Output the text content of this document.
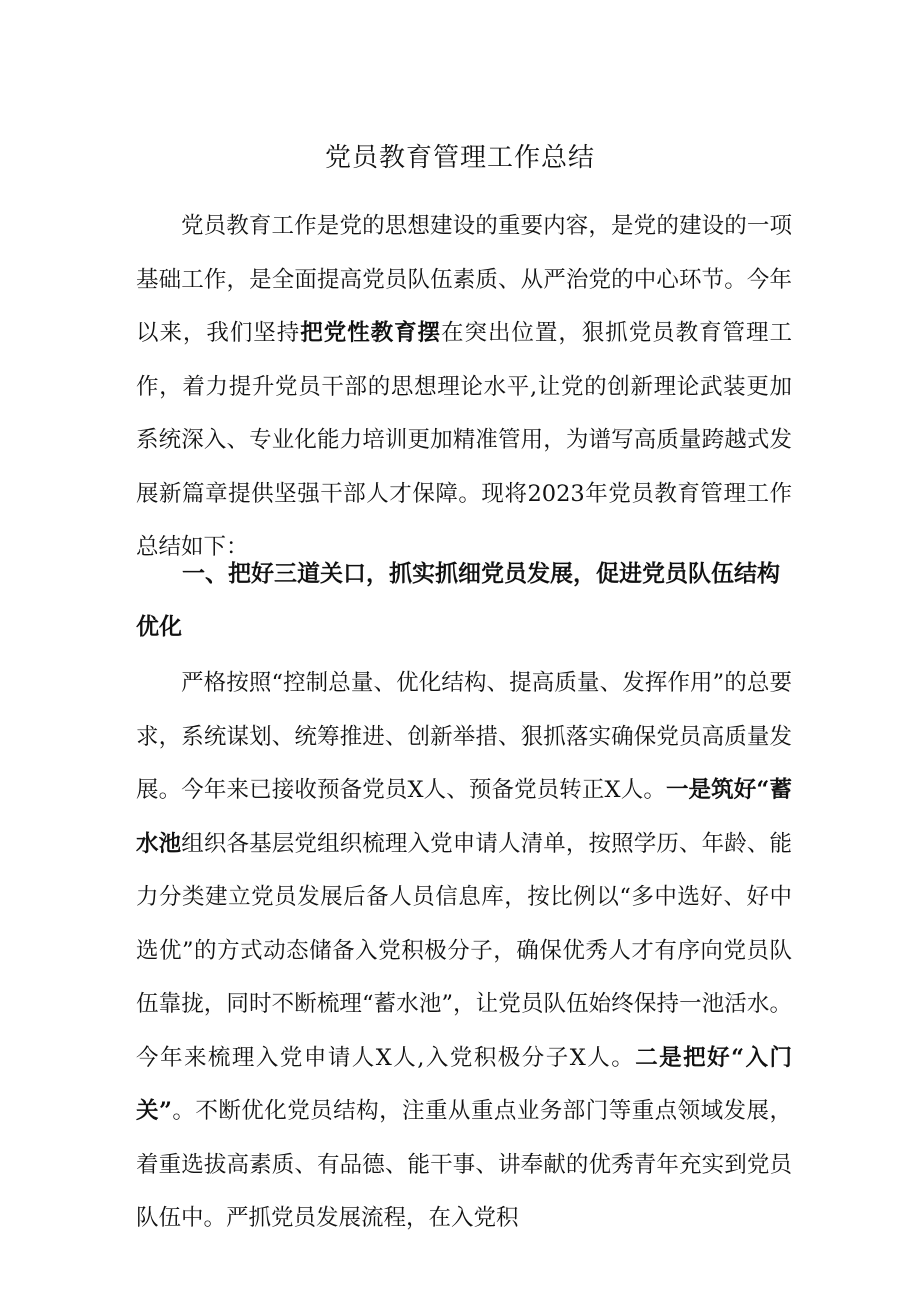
党员教育管理工作总结

党员教育工作是党的思想建设的重要内容，是党的建设的一项基础工作，是全面提高党员队伍素质、从严治党的中心环节。今年以来，我们坚持把党性教育摆在突出位置，狠抓党员教育管理工作，着力提升党员干部的思想理论水平,让党的创新理论武装更加系统深入、专业化能力培训更加精准管用，为谱写高质量跨越式发展新篇章提供坚强干部人才保障。现将2023年党员教育管理工作总结如下：

一、把好三道关口，抓实抓细党员发展，促进党员队伍结构优化

严格按照“控制总量、优化结构、提高质量、发挥作用”的总要求，系统谋划、统筹推进、创新举措、狠抓落实确保党员高质量发展。今年来已接收预备党员X人、预备党员转正X人。一是筑好“蓄水池组织各基层党组织梳理入党申请人清单，按照学历、年龄、能力分类建立党员发展后备人员信息库，按比例以“多中选好、好中选优”的方式动态储备入党积极分子，确保优秀人才有序向党员队伍靠拢，同时不断梳理“蓄水池”，让党员队伍始终保持一池活水。今年来梳理入党申请人X人,入党积极分子X人。二是把好“入门关”。不断优化党员结构，注重从重点业务部门等重点领域发展，着重选拔高素质、有品德、能干事、讲奉献的优秀青年充实到党员队伍中。严抓党员发展流程，在入党积
